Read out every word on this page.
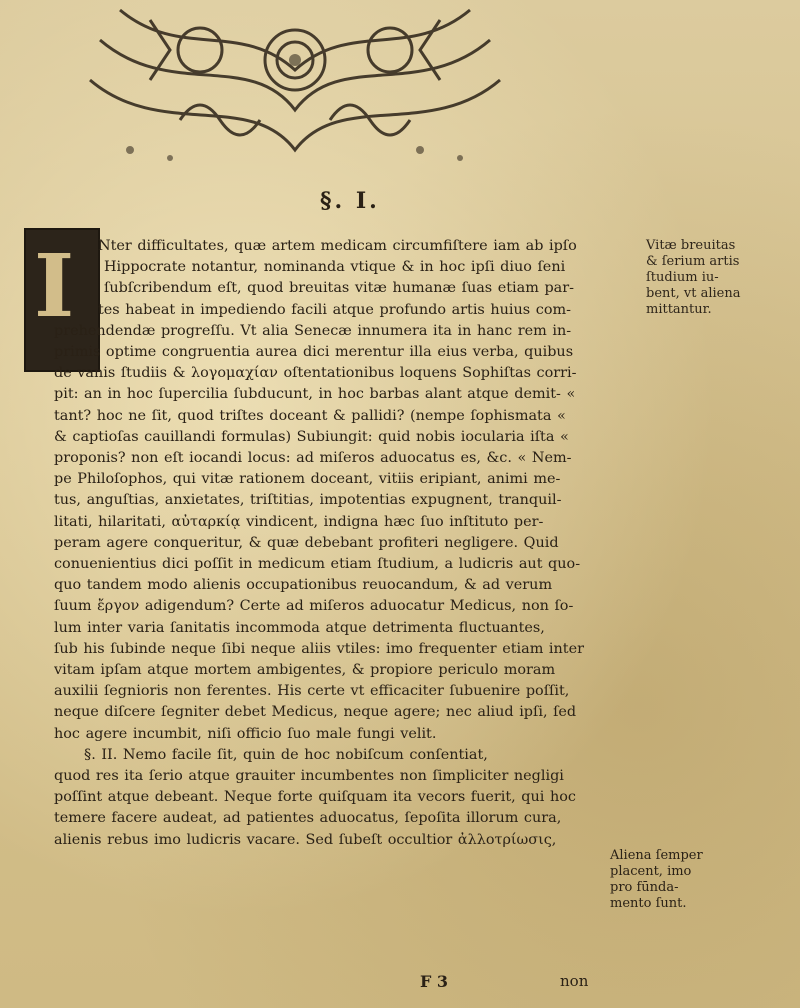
§. I.
I Nter difficultates, quæ artem medicam circumfiſtere iam ab ipſo
Hippocrate notantur, nominanda vtique & in hoc ipſi diuo ſeni
ſubſcribendum eſt, quod breuitas vitæ humanæ ſuas etiam par-
tes habeat in impediendo facili atque profundo artis huius com-
prehendendæ progreſſu. Vt alia Senecæ innumera ita in hanc rem in-
primis optime congruentia aurea dici merentur illa eius verba, quibus
de vanis ſtudiis & λογομαχίαν oſtentationibus loquens Sophiſtas corri-
pit: an in hoc ſupercilia ſubducunt, in hoc barbas alant atque demit- «
tant? hoc ne ſit, quod triſtes doceant & pallidi? (nempe ſophismata «
& captioſas cauillandi formulas) Subiungit: quid nobis iocularia iſta «
proponis? non eſt iocandi locus: ad miſeros aduocatus es, &c. « Nem-
pe Philoſophos, qui vitæ rationem doceant, vitiis eripiant, animi me-
tus, anguſtias, anxietates, triſtitias, impotentias expugnent, tranquil-
litati, hilaritati, αὐταρκίᾳ vindicent, indigna hæc ſuo inſtituto per-
peram agere conqueritur, & quæ debebant profiteri negligere. Quid
conuenientius dici poſſit in medicum etiam ſtudium, a ludicris aut quo-
quo tandem modo alienis occupationibus reuocandum, & ad verum
ſuum ἔργον adigendum? Certe ad miſeros aduocatur Medicus, non ſo-
lum inter varia ſanitatis incommoda atque detrimenta fluctuantes,
ſub his ſubinde neque ſibi neque aliis vtiles: imo frequenter etiam inter
vitam ipſam atque mortem ambigentes, & propiore periculo moram
auxilii ſegnioris non ferentes. His certe vt efficaciter ſubuenire poſſit,
neque diſcere ſegniter debet Medicus, neque agere; nec aliud ipſi, ſed
hoc agere incumbit, niſi officio ſuo male fungi velit.
§. II. Nemo facile ſit, quin de hoc nobiſcum conſentiat,
quod res ita ſerio atque grauiter incumbentes non ſimpliciter negligi
poſſint atque debeant. Neque forte quiſquam ita vecors fuerit, qui hoc
temere facere audeat, ad patientes aduocatus, ſepoſita illorum cura,
alienis rebus imo ludicris vacare. Sed ſubeſt occultior ἀλλοτρίωσις,

Vitæ breuitas
& ſerium artis
ſtudium iu-
bent, vt aliena
mittantur.

Aliena ſemper
placent, imo
pro fūnda-
mento ſunt.
F 3	non
